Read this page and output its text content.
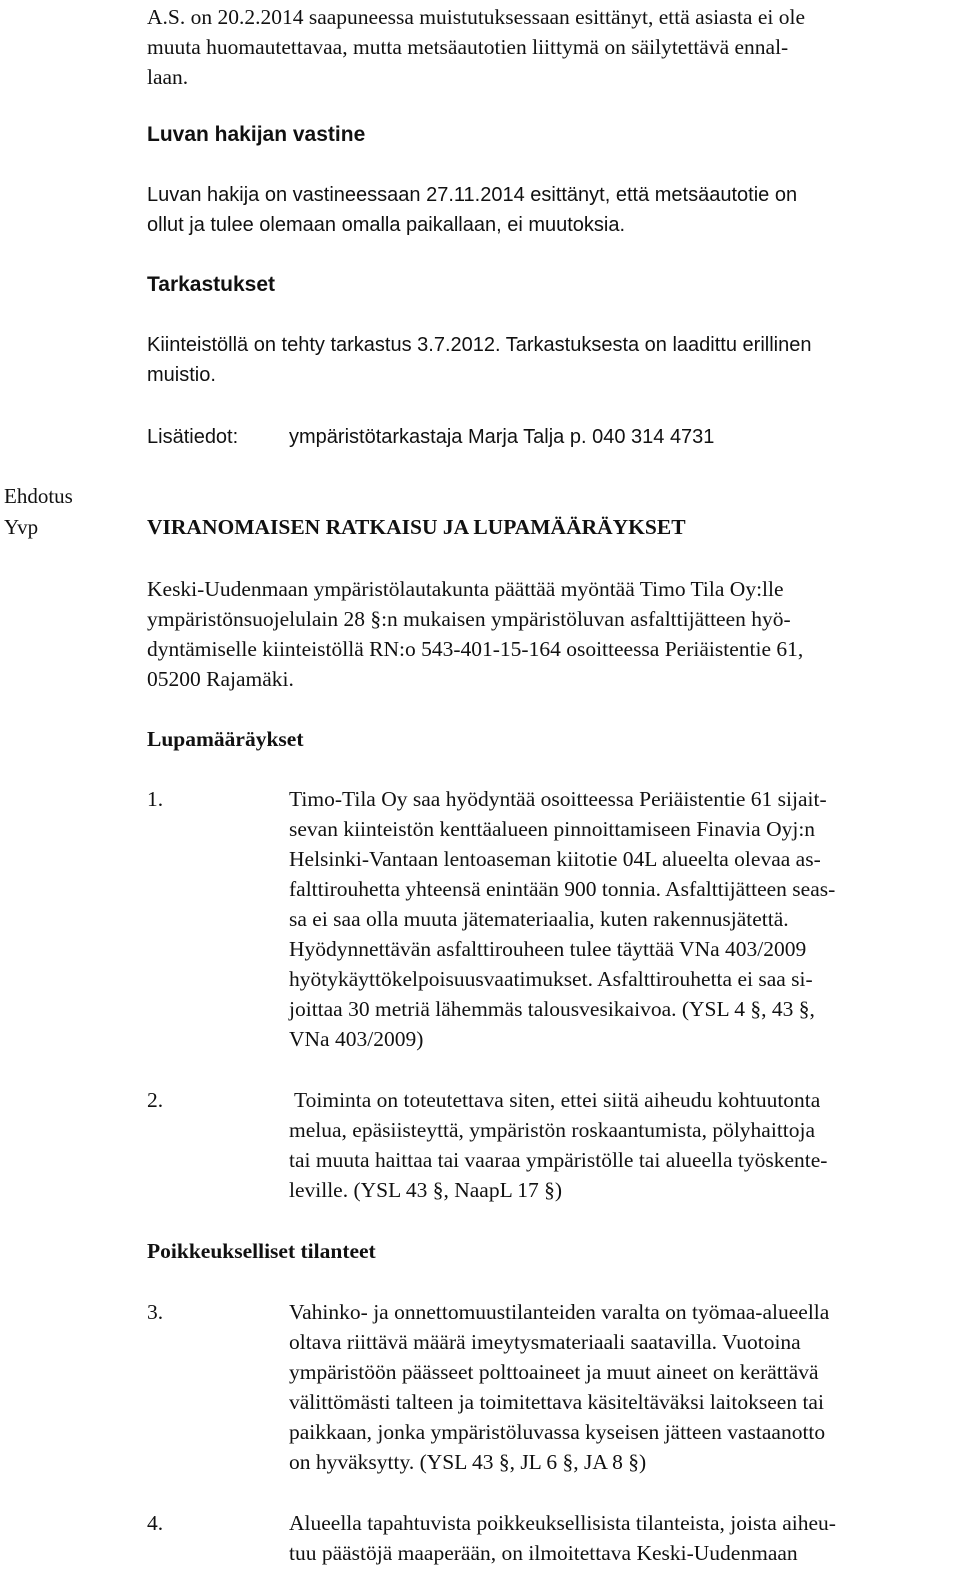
A.S. on 20.2.2014 saapuneessa muistutuksessaan esittänyt, että asiasta ei ole
muuta huomautettavaa, mutta metsäautotien liittymä on säilytettävä ennal-
laan.
Luvan hakijan vastine
Luvan hakija on vastineessaan 27.11.2014 esittänyt, että metsäautotie on
ollut ja tulee olemaan omalla paikallaan, ei muutoksia.
Tarkastukset
Kiinteistöllä on tehty tarkastus 3.7.2012. Tarkastuksesta on laadittu erillinen
muistio.
Lisätiedot:	ympäristötarkastaja Marja Talja p. 040 314 4731
Ehdotus
Yvp	VIRANOMAISEN RATKAISU JA LUPAMÄÄRÄYKSET
Keski-Uudenmaan ympäristölautakunta päättää myöntää Timo Tila Oy:lle
ympäristönsuojelulain 28 §:n mukaisen ympäristöluvan asfalttijätteen hyö-
dyntämiselle kiinteistöllä RN:o 543-401-15-164 osoitteessa Periäistentie 61,
05200 Rajamäki.
Lupamääräykset
1.	Timo-Tila Oy saa hyödyntää osoitteessa Periäistentie 61 sijait-
sevan kiinteistön kenttäalueen pinnoittamiseen Finavia Oyj:n
Helsinki-Vantaan lentoaseman kiitotie 04L alueelta olevaa as-
falttirouhetta yhteensä enintään 900 tonnia. Asfalttijätteen seas-
sa ei saa olla muuta jätemateriaalia, kuten rakennusjätettä.
Hyödynnettävän asfalttirouheen tulee täyttää VNa 403/2009
hyötykäyttökelpoisuusvaatimukset. Asfalttirouhetta ei saa si-
joittaa 30 metriä lähemmäs talousvesikaivoa. (YSL 4 §, 43 §,
VNa 403/2009)
2.	Toiminta on toteutettava siten, ettei siitä aiheudu kohtuutonta
melua, epäsiisteyttä, ympäristön roskaantumista, pölyhaittoja
tai muuta haittaa tai vaaraa ympäristölle tai alueella työskente-
leville. (YSL 43 §, NaapL 17 §)
Poikkeukselliset tilanteet
3.	Vahinko- ja onnettomuustilanteiden varalta on työmaa-alueella
oltava riittävä määrä imeytysmateriaali saatavilla. Vuotoina
ympäristöön päässeet polttoaineet ja muut aineet on kerättävä
välittömästi talteen ja toimitettava käsiteltäväksi laitokseen tai
paikkaan, jonka ympäristöluvassa kyseisen jätteen vastaanotto
on hyväksytty. (YSL 43 §, JL 6 §, JA 8 §)
4.	Alueella tapahtuvista poikkeuksellisista tilanteista, joista aiheu-
tuu päästöjä maaperään, on ilmoitettava Keski-Uudenmaan
